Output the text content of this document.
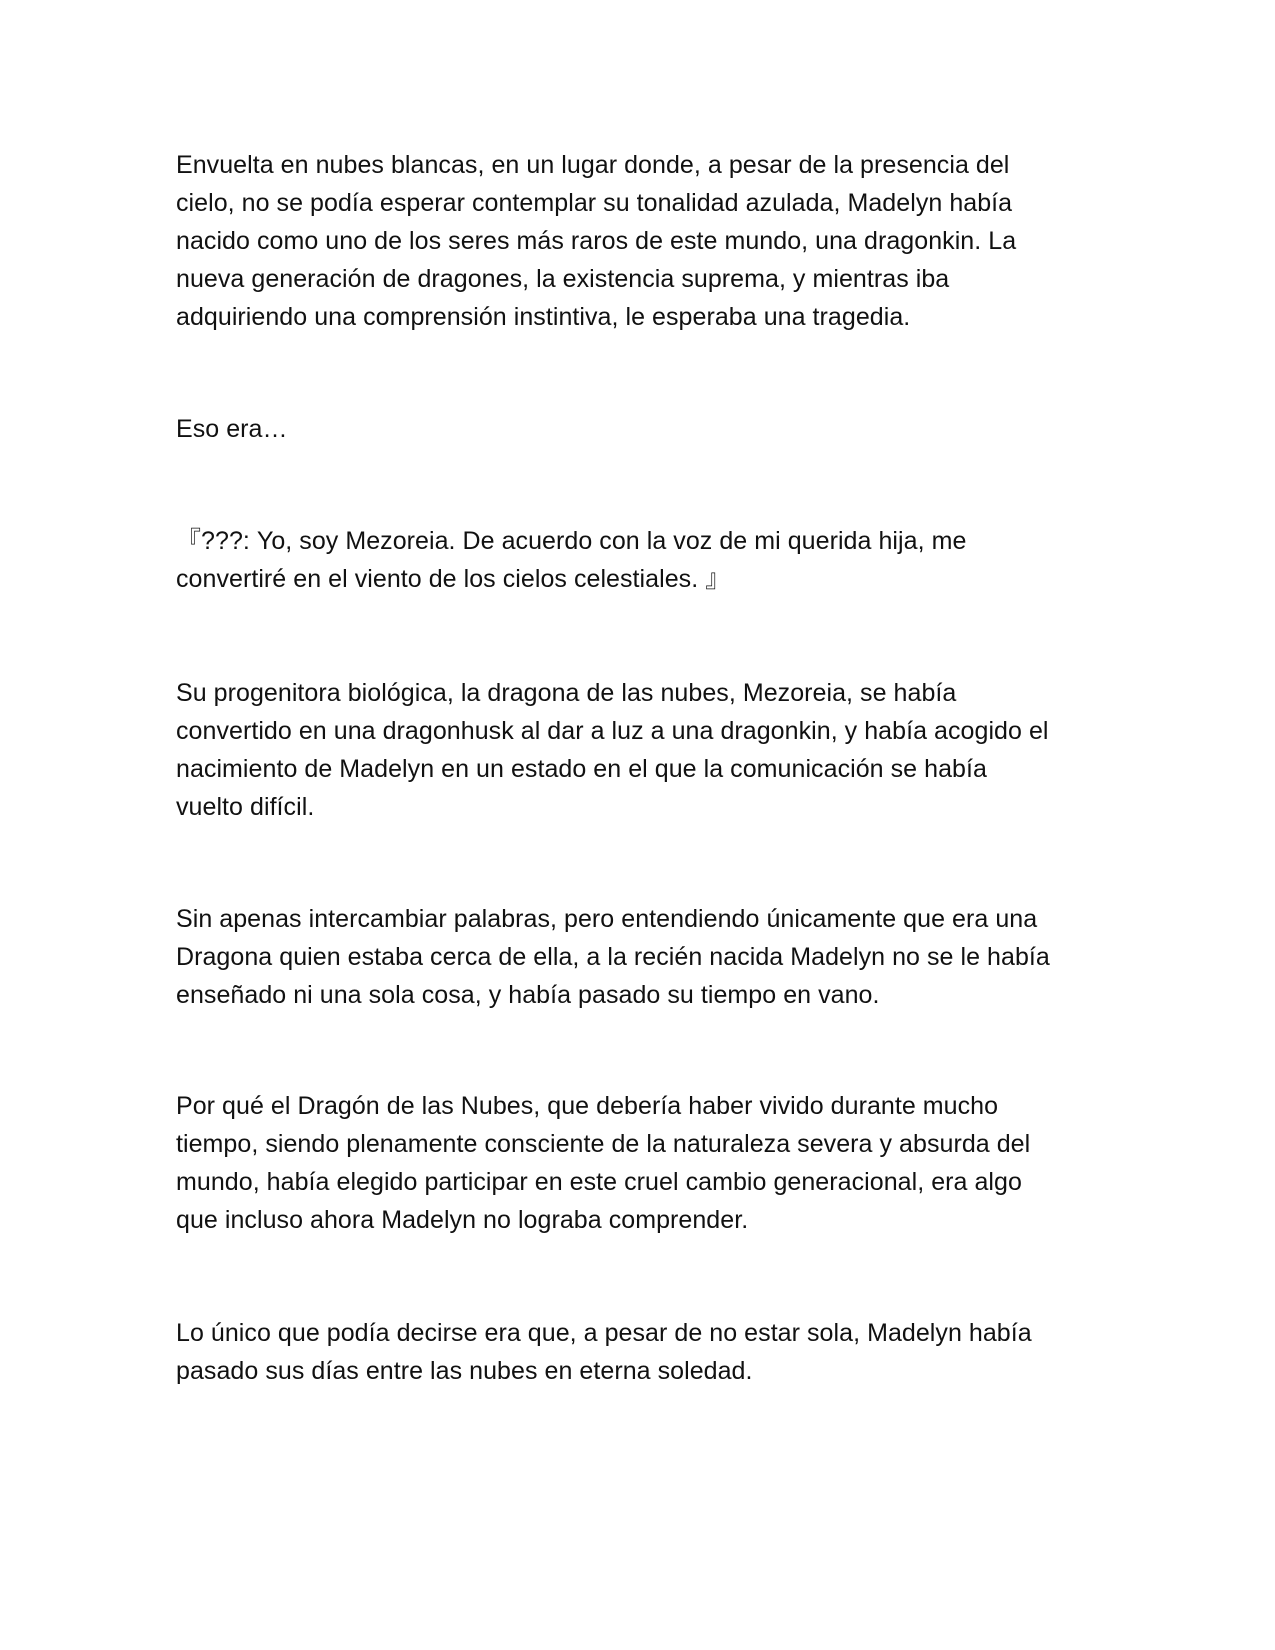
Envuelta en nubes blancas, en un lugar donde, a pesar de la presencia del
cielo, no se podía esperar contemplar su tonalidad azulada, Madelyn había
nacido como uno de los seres más raros de este mundo, una dragonkin. La
nueva generación de dragones, la existencia suprema, y mientras iba
adquiriendo una comprensión instintiva, le esperaba una tragedia.

Eso era…

『???: Yo, soy Mezoreia. De acuerdo con la voz de mi querida hija, me
convertiré en el viento de los cielos celestiales. 』

Su progenitora biológica, la dragona de las nubes, Mezoreia, se había
convertido en una dragonhusk al dar a luz a una dragonkin, y había acogido el
nacimiento de Madelyn en un estado en el que la comunicación se había
vuelto difícil.

Sin apenas intercambiar palabras, pero entendiendo únicamente que era una
Dragona quien estaba cerca de ella, a la recién nacida Madelyn no se le había
enseñado ni una sola cosa, y había pasado su tiempo en vano.

Por qué el Dragón de las Nubes, que debería haber vivido durante mucho
tiempo, siendo plenamente consciente de la naturaleza severa y absurda del
mundo, había elegido participar en este cruel cambio generacional, era algo
que incluso ahora Madelyn no lograba comprender.

Lo único que podía decirse era que, a pesar de no estar sola, Madelyn había
pasado sus días entre las nubes en eterna soledad.
